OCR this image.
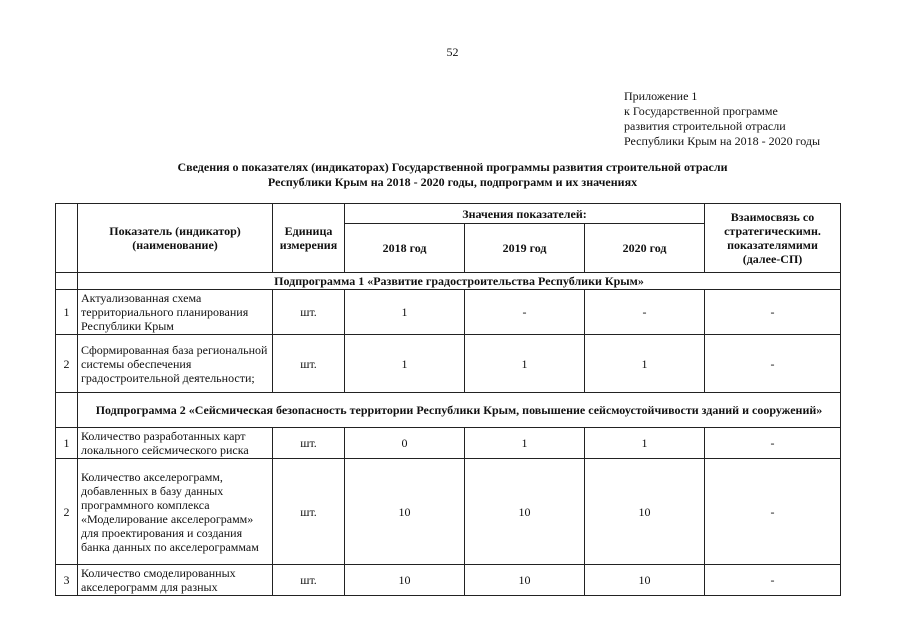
52
Приложение 1
к Государственной программе
развития строительной отрасли
Республики Крым на 2018 - 2020 годы
Сведения о показателях (индикаторах) Государственной программы развития строительной отрасли
Республики Крым на 2018 - 2020 годы, подпрограмм и их значениях
	Показатель (индикатор) (наименование)	Единица измерения	Значения показателей:			Взаимосвязь со стратегическимн. показателямими (далее-СП)
			2018 год	2019 год	2020 год	
	Подпрограмма 1 «Развитие градостроительства Республики Крым»					
1	Актуализованная схема территориального планирования Республики Крым	шт.	1	-	-	-
2	Сформированная база региональной системы обеспечения градостроительной деятельности;	шт.	1	1	1	-
	Подпрограмма 2 «Сейсмическая безопасность территории Республики Крым, повышение сейсмоустойчивости зданий и сооружений»					
1	Количество разработанных карт локального сейсмического риска	шт.	0	1	1	-
2	Количество акселерограмм, добавленных в базу данных программного комплекса «Моделирование акселерограмм» для проектирования и создания банка данных по акселерограммам	шт.	10	10	10	-
3	Количество смоделированных акселерограмм для разных	шт.	10	10	10	-
